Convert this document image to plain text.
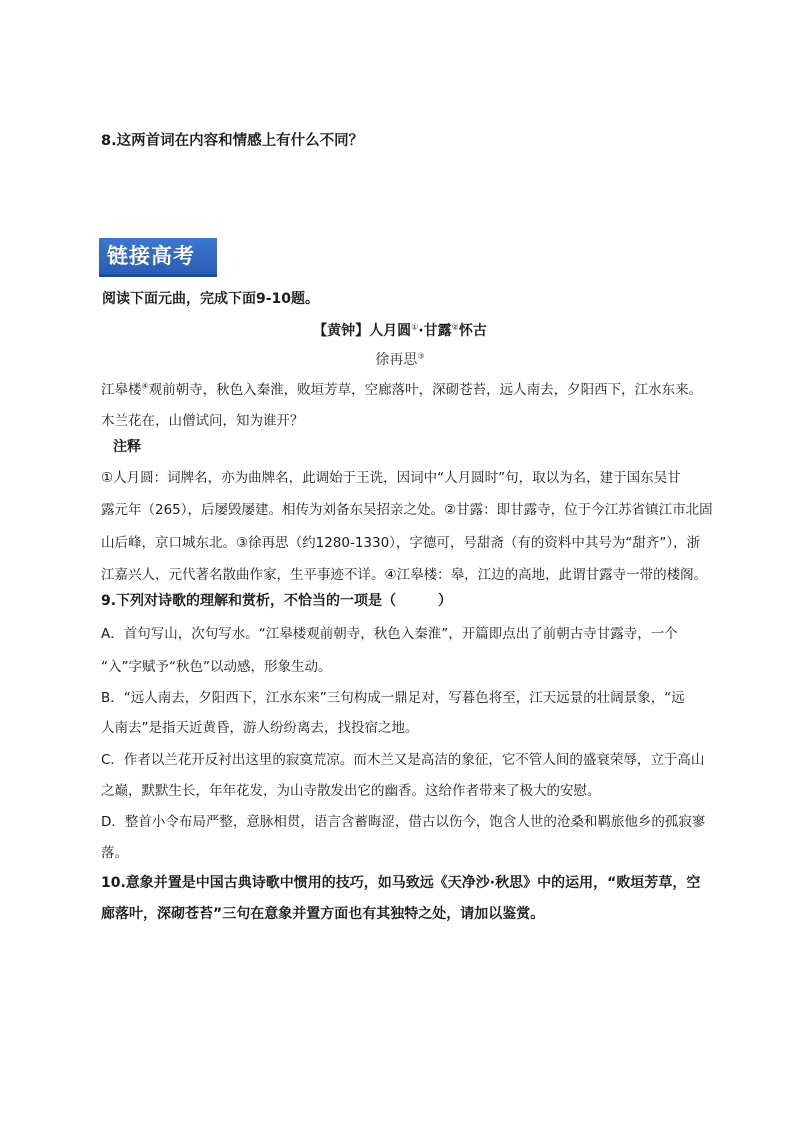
8.这两首词在内容和情感上有什么不同？
链接高考
阅读下面元曲，完成下面9-10题。
【黄钟】人月圆①·甘露②怀古
徐再思③
江皋楼④观前朝寺，秋色入秦淮，败垣芳草，空廊落叶，深砌苍苔，远人南去，夕阳西下，江水东来。
木兰花在，山僧试问，知为谁开？
注释
①人月圆：词牌名，亦为曲牌名，此调始于王诜，因词中“人月圆时”句，取以为名，建于国东吴甘
露元年（265），后屡毁屡建。相传为刘备东吴招亲之处。②甘露：即甘露寺，位于今江苏省镇江市北固
山后峰，京口城东北。③徐再思（约1280-1330），字德可，号甜斋（有的资料中其号为“甜齐”），浙
江嘉兴人，元代著名散曲作家，生平事迹不详。④江皋楼：皋，江边的高地，此谓甘露寺一带的楼阁。
9.下列对诗歌的理解和赏析，不恰当的一项是（　　　）
A．首句写山，次句写水。“江皋楼观前朝寺，秋色入秦淮”，开篇即点出了前朝古寺甘露寺，一个
“入”字赋予“秋色”以动感，形象生动。
B．“远人南去，夕阳西下，江水东来”三句构成一鼎足对，写暮色将至，江天远景的壮阔景象，“远
人南去”是指天近黄昏，游人纷纷离去，找投宿之地。
C．作者以兰花开反衬出这里的寂寞荒凉。而木兰又是高洁的象征，它不管人间的盛衰荣辱，立于高山
之巅，默默生长，年年花发，为山寺散发出它的幽香。这给作者带来了极大的安慰。
D．整首小令布局严整，意脉相贯，语言含蓄晦涩，借古以伤今，饱含人世的沧桑和羁旅他乡的孤寂寥
落。
10.意象并置是中国古典诗歌中惯用的技巧，如马致远《天净沙·秋思》中的运用，“败垣芳草，空
廊落叶，深砌苍苔”三句在意象并置方面也有其独特之处，请加以鉴赏。
